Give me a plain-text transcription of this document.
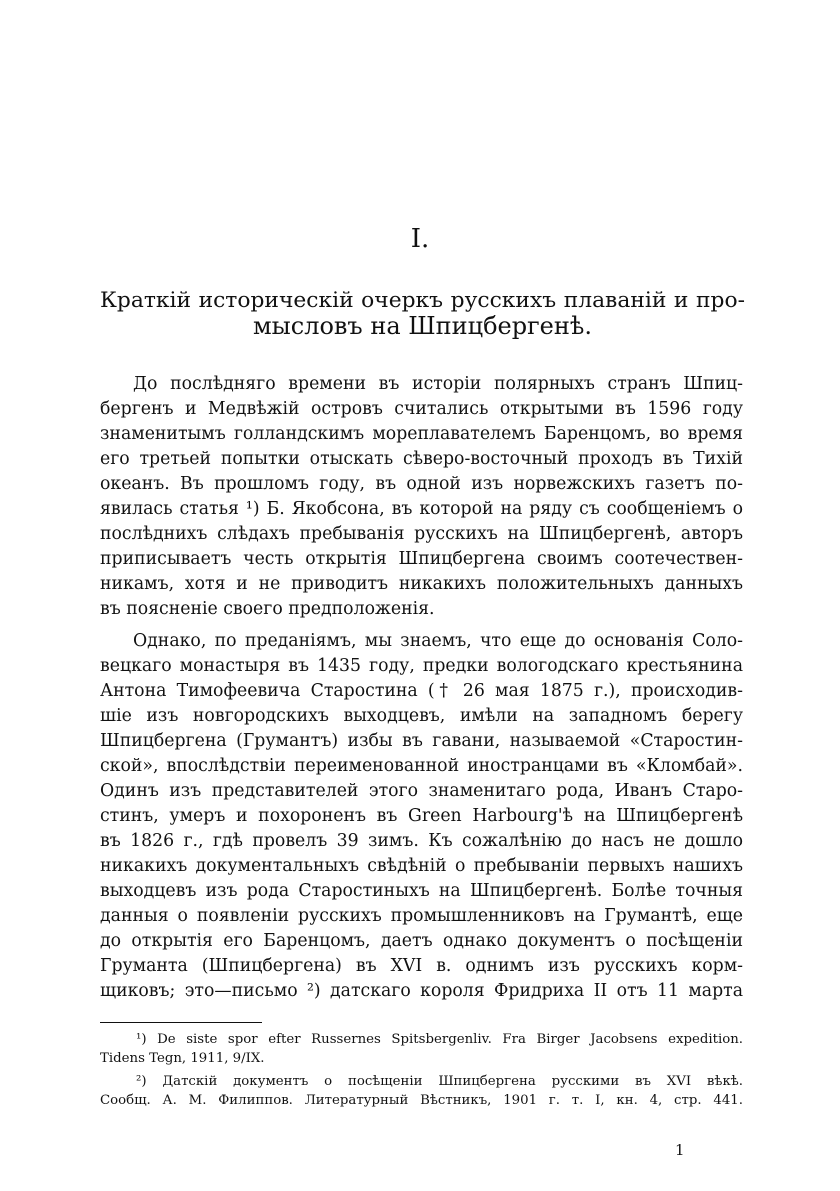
I.
Краткій историческій очеркъ русскихъ плаваній и про-
мысловъ на Шпицбергенѣ.
До послѣдняго времени въ исторіи полярныхъ странъ Шпиц-
бергенъ и Медвѣжій островъ считались открытыми въ 1596 году
знаменитымъ голландскимъ мореплавателемъ Баренцомъ, во время
его третьей попытки отыскать сѣверо-восточный проходъ въ Тихій
океанъ. Въ прошломъ году, въ одной изъ норвежскихъ газетъ по-
явилась статья ¹) Б. Якобсона, въ которой на ряду съ сообщеніемъ о
послѣднихъ слѣдахъ пребыванія русскихъ на Шпицбергенѣ, авторъ
приписываетъ честь открытія Шпицбергена своимъ соотечествен-
никамъ, хотя и не приводитъ никакихъ положительныхъ данныхъ
въ поясненіе своего предположенія.
Однако, по преданіямъ, мы знаемъ, что еще до основанія Соло-
вецкаго монастыря въ 1435 году, предки вологодскаго крестьянина
Антона Тимофеевича Старостина († 26 мая 1875 г.), происходив-
шіе изъ новгородскихъ выходцевъ, имѣли на западномъ берегу
Шпицбергена (Грумантъ) избы въ гавани, называемой «Старостин-
ской», впослѣдствіи переименованной иностранцами въ «Кломбай».
Одинъ изъ представителей этого знаменитаго рода, Иванъ Старо-
стинъ, умеръ и похороненъ въ Green Harbourg'ѣ на Шпицбергенѣ
въ 1826 г., гдѣ провелъ 39 зимъ. Къ сожалѣнію до насъ не дошло
никакихъ документальныхъ свѣдѣній о пребываніи первыхъ нашихъ
выходцевъ изъ рода Старостиныхъ на Шпицбергенѣ. Болѣе точныя
данныя о появленіи русскихъ промышленниковъ на Грумантѣ, еще
до открытія его Баренцомъ, даетъ однако документъ о посѣщеніи
Груманта (Шпицбергена) въ XVI в. однимъ изъ русскихъ корм-
щиковъ; это—письмо ²) датскаго короля Фридриха II отъ 11 марта
¹) De siste spor efter Russernes Spitsbergenliv. Fra Birger Jacobsens expedition.
Tidens Tegn, 1911, 9/IX.
²) Датскій документъ о посѣщеніи Шпицбергена русскими въ XVI вѣкѣ.
Сообщ. А. М. Филиппов. Литературный Вѣстникъ, 1901 г. т. I, кн. 4, стр. 441.
1
